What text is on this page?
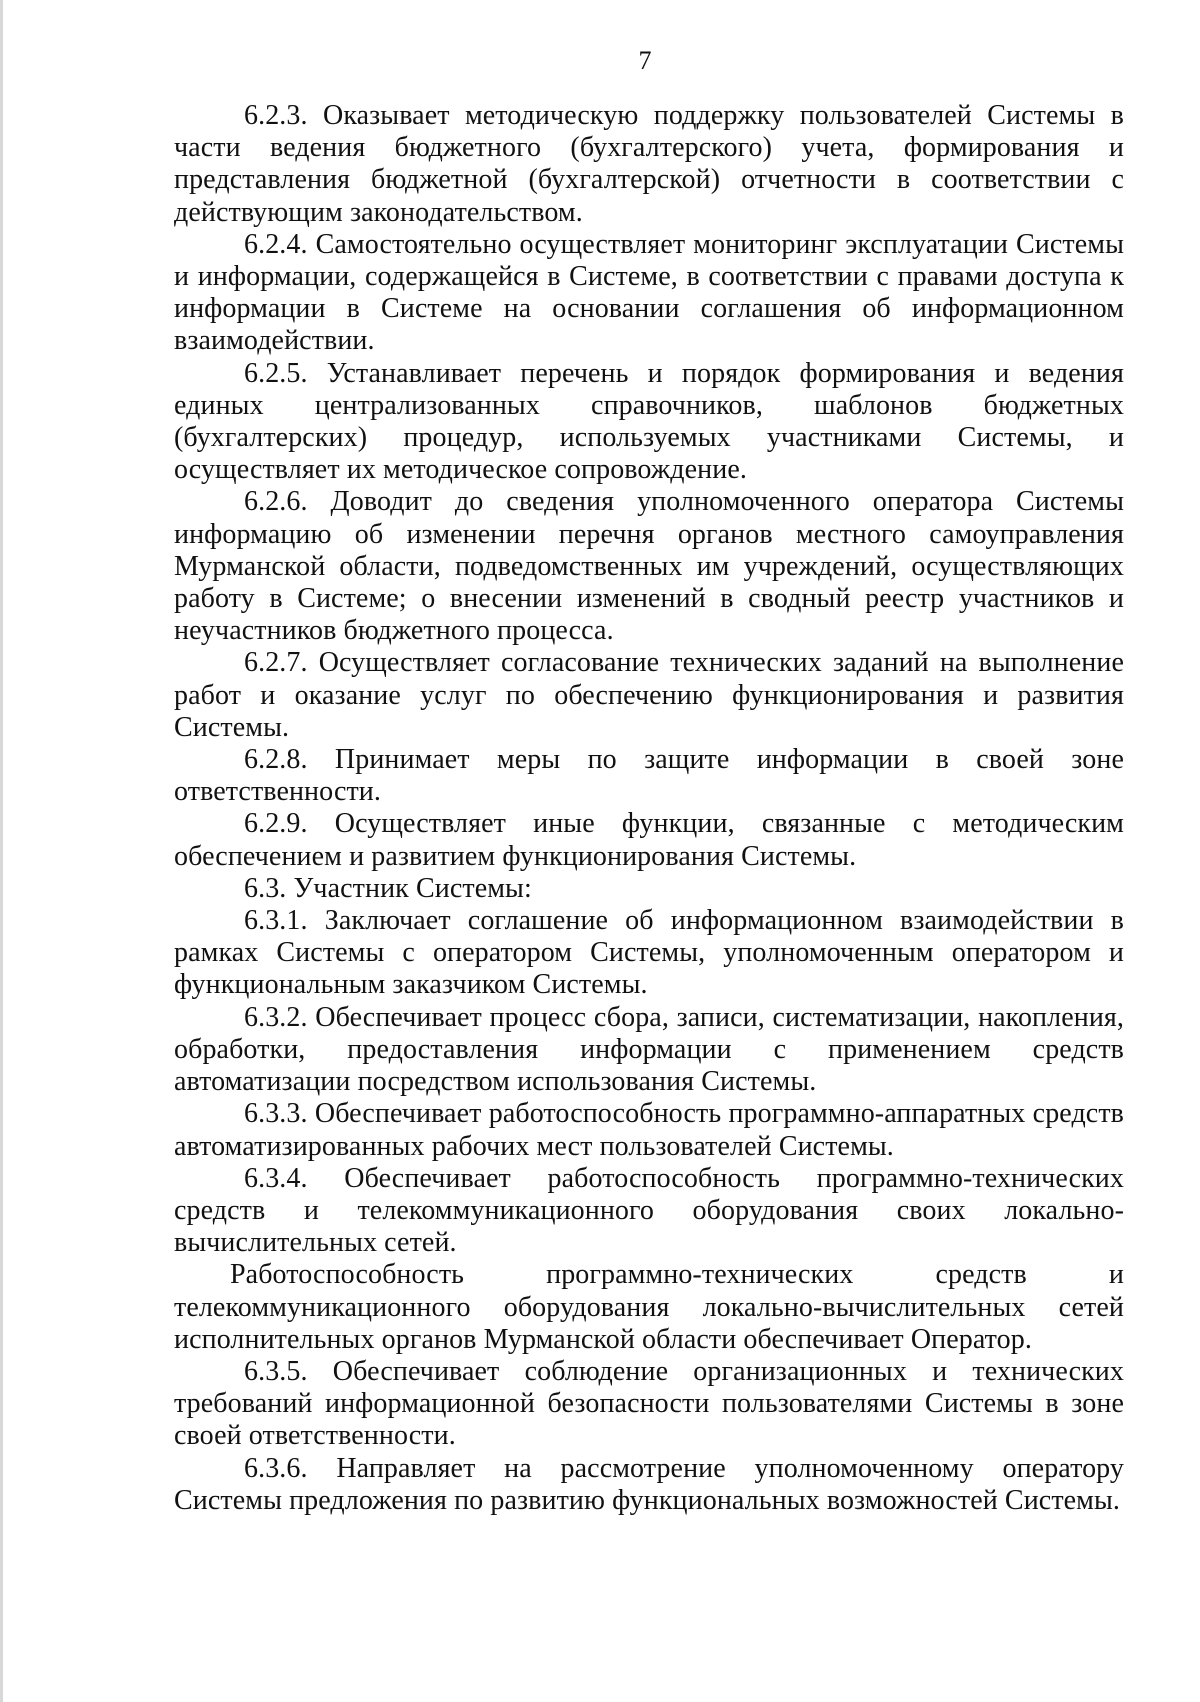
7

6.2.3. Оказывает методическую поддержку пользователей Системы в части ведения бюджетного (бухгалтерского) учета, формирования и представления бюджетной (бухгалтерской) отчетности в соответствии с действующим законодательством.

6.2.4. Самостоятельно осуществляет мониторинг эксплуатации Системы и информации, содержащейся в Системе, в соответствии с правами доступа к информации в Системе на основании соглашения об информационном взаимодействии.

6.2.5. Устанавливает перечень и порядок формирования и ведения единых централизованных справочников, шаблонов бюджетных (бухгалтерских) процедур, используемых участниками Системы, и осуществляет их методическое сопровождение.

6.2.6. Доводит до сведения уполномоченного оператора Системы информацию об изменении перечня органов местного самоуправления Мурманской области, подведомственных им учреждений, осуществляющих работу в Системе; о внесении изменений в сводный реестр участников и неучастников бюджетного процесса.

6.2.7. Осуществляет согласование технических заданий на выполнение работ и оказание услуг по обеспечению функционирования и развития Системы.

6.2.8. Принимает меры по защите информации в своей зоне ответственности.

6.2.9. Осуществляет иные функции, связанные с методическим обеспечением и развитием функционирования Системы.

6.3. Участник Системы:

6.3.1. Заключает соглашение об информационном взаимодействии в рамках Системы с оператором Системы, уполномоченным оператором и функциональным заказчиком Системы.

6.3.2. Обеспечивает процесс сбора, записи, систематизации, накопления, обработки, предоставления информации с применением средств автоматизации посредством использования Системы.

6.3.3. Обеспечивает работоспособность программно-аппаратных средств автоматизированных рабочих мест пользователей Системы.

6.3.4. Обеспечивает работоспособность программно-технических средств и телекоммуникационного оборудования своих локально-вычислительных сетей.

Работоспособность программно-технических средств и телекоммуникационного оборудования локально-вычислительных сетей исполнительных органов Мурманской области обеспечивает Оператор.

6.3.5. Обеспечивает соблюдение организационных и технических требований информационной безопасности пользователями Системы в зоне своей ответственности.

6.3.6. Направляет на рассмотрение уполномоченному оператору Системы предложения по развитию функциональных возможностей Системы.
